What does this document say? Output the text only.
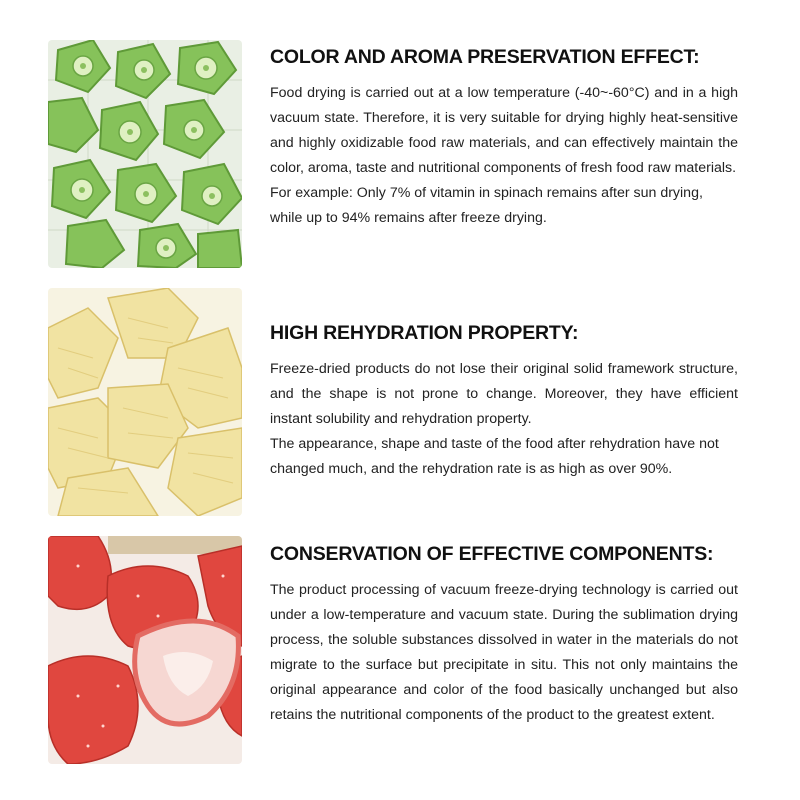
COLOR AND AROMA PRESERVATION EFFECT:

Food drying is carried out at a low temperature (-40~-60°C) and in a high vacuum state. Therefore, it is very suitable for drying highly heat-sensitive and highly oxidizable food raw materials, and can effectively maintain the color, aroma, taste and nutritional components of fresh food raw materials.

For example: Only 7% of vitamin in spinach remains after sun drying, while up to 94% remains after freeze drying.

HIGH REHYDRATION PROPERTY:

Freeze-dried products do not lose their original solid framework structure, and the shape is not prone to change. Moreover, they have efficient instant solubility and rehydration property.

The appearance, shape and taste of the food after rehydration have not changed much, and the rehydration rate is as high as over 90%.

CONSERVATION OF EFFECTIVE COMPONENTS:

The product processing of vacuum freeze-drying technology is carried out under a low-temperature and vacuum state. During the sublimation drying process, the soluble substances dissolved in water in the materials do not migrate to the surface but precipitate in situ. This not only maintains the original appearance and color of the food basically unchanged but also retains the nutritional components of the product to the greatest extent.
